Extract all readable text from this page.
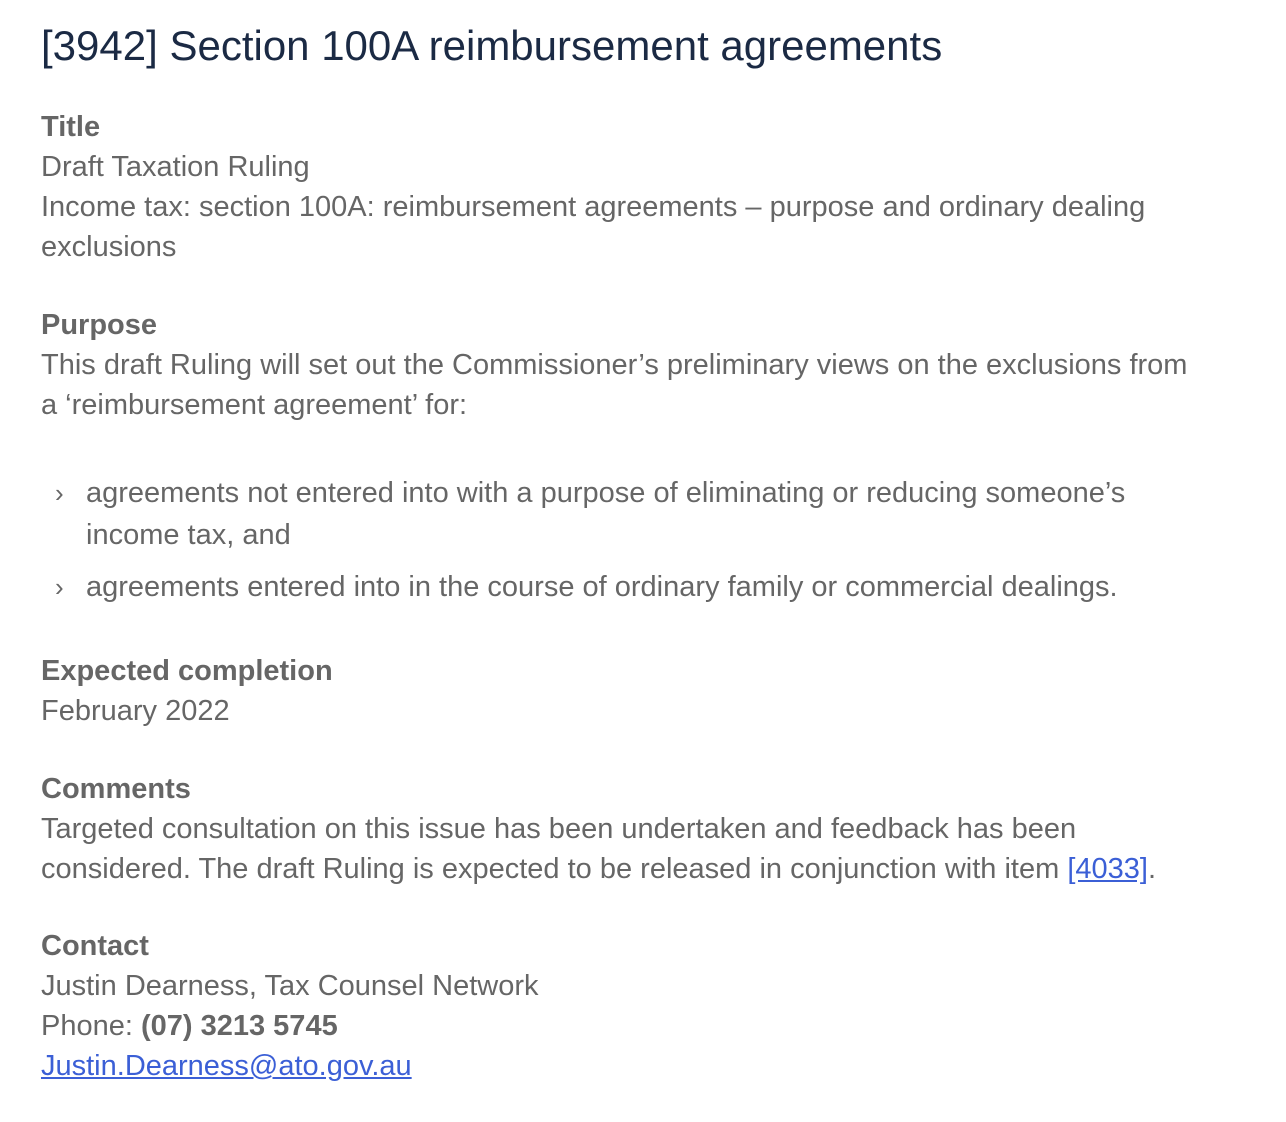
[3942] Section 100A reimbursement agreements
Title
Draft Taxation Ruling
Income tax: section 100A: reimbursement agreements – purpose and ordinary dealing exclusions
Purpose

This draft Ruling will set out the Commissioner’s preliminary views on the exclusions from a ‘reimbursement agreement’ for:

› agreements not entered into with a purpose of eliminating or reducing someone’s income tax, and
› agreements entered into in the course of ordinary family or commercial dealings.
Expected completion
February 2022
Comments

Targeted consultation on this issue has been undertaken and feedback has been considered. The draft Ruling is expected to be released in conjunction with item [4033].

Contact
Justin Dearness, Tax Counsel Network
Phone: (07) 3213 5745
Justin.Dearness@ato.gov.au
